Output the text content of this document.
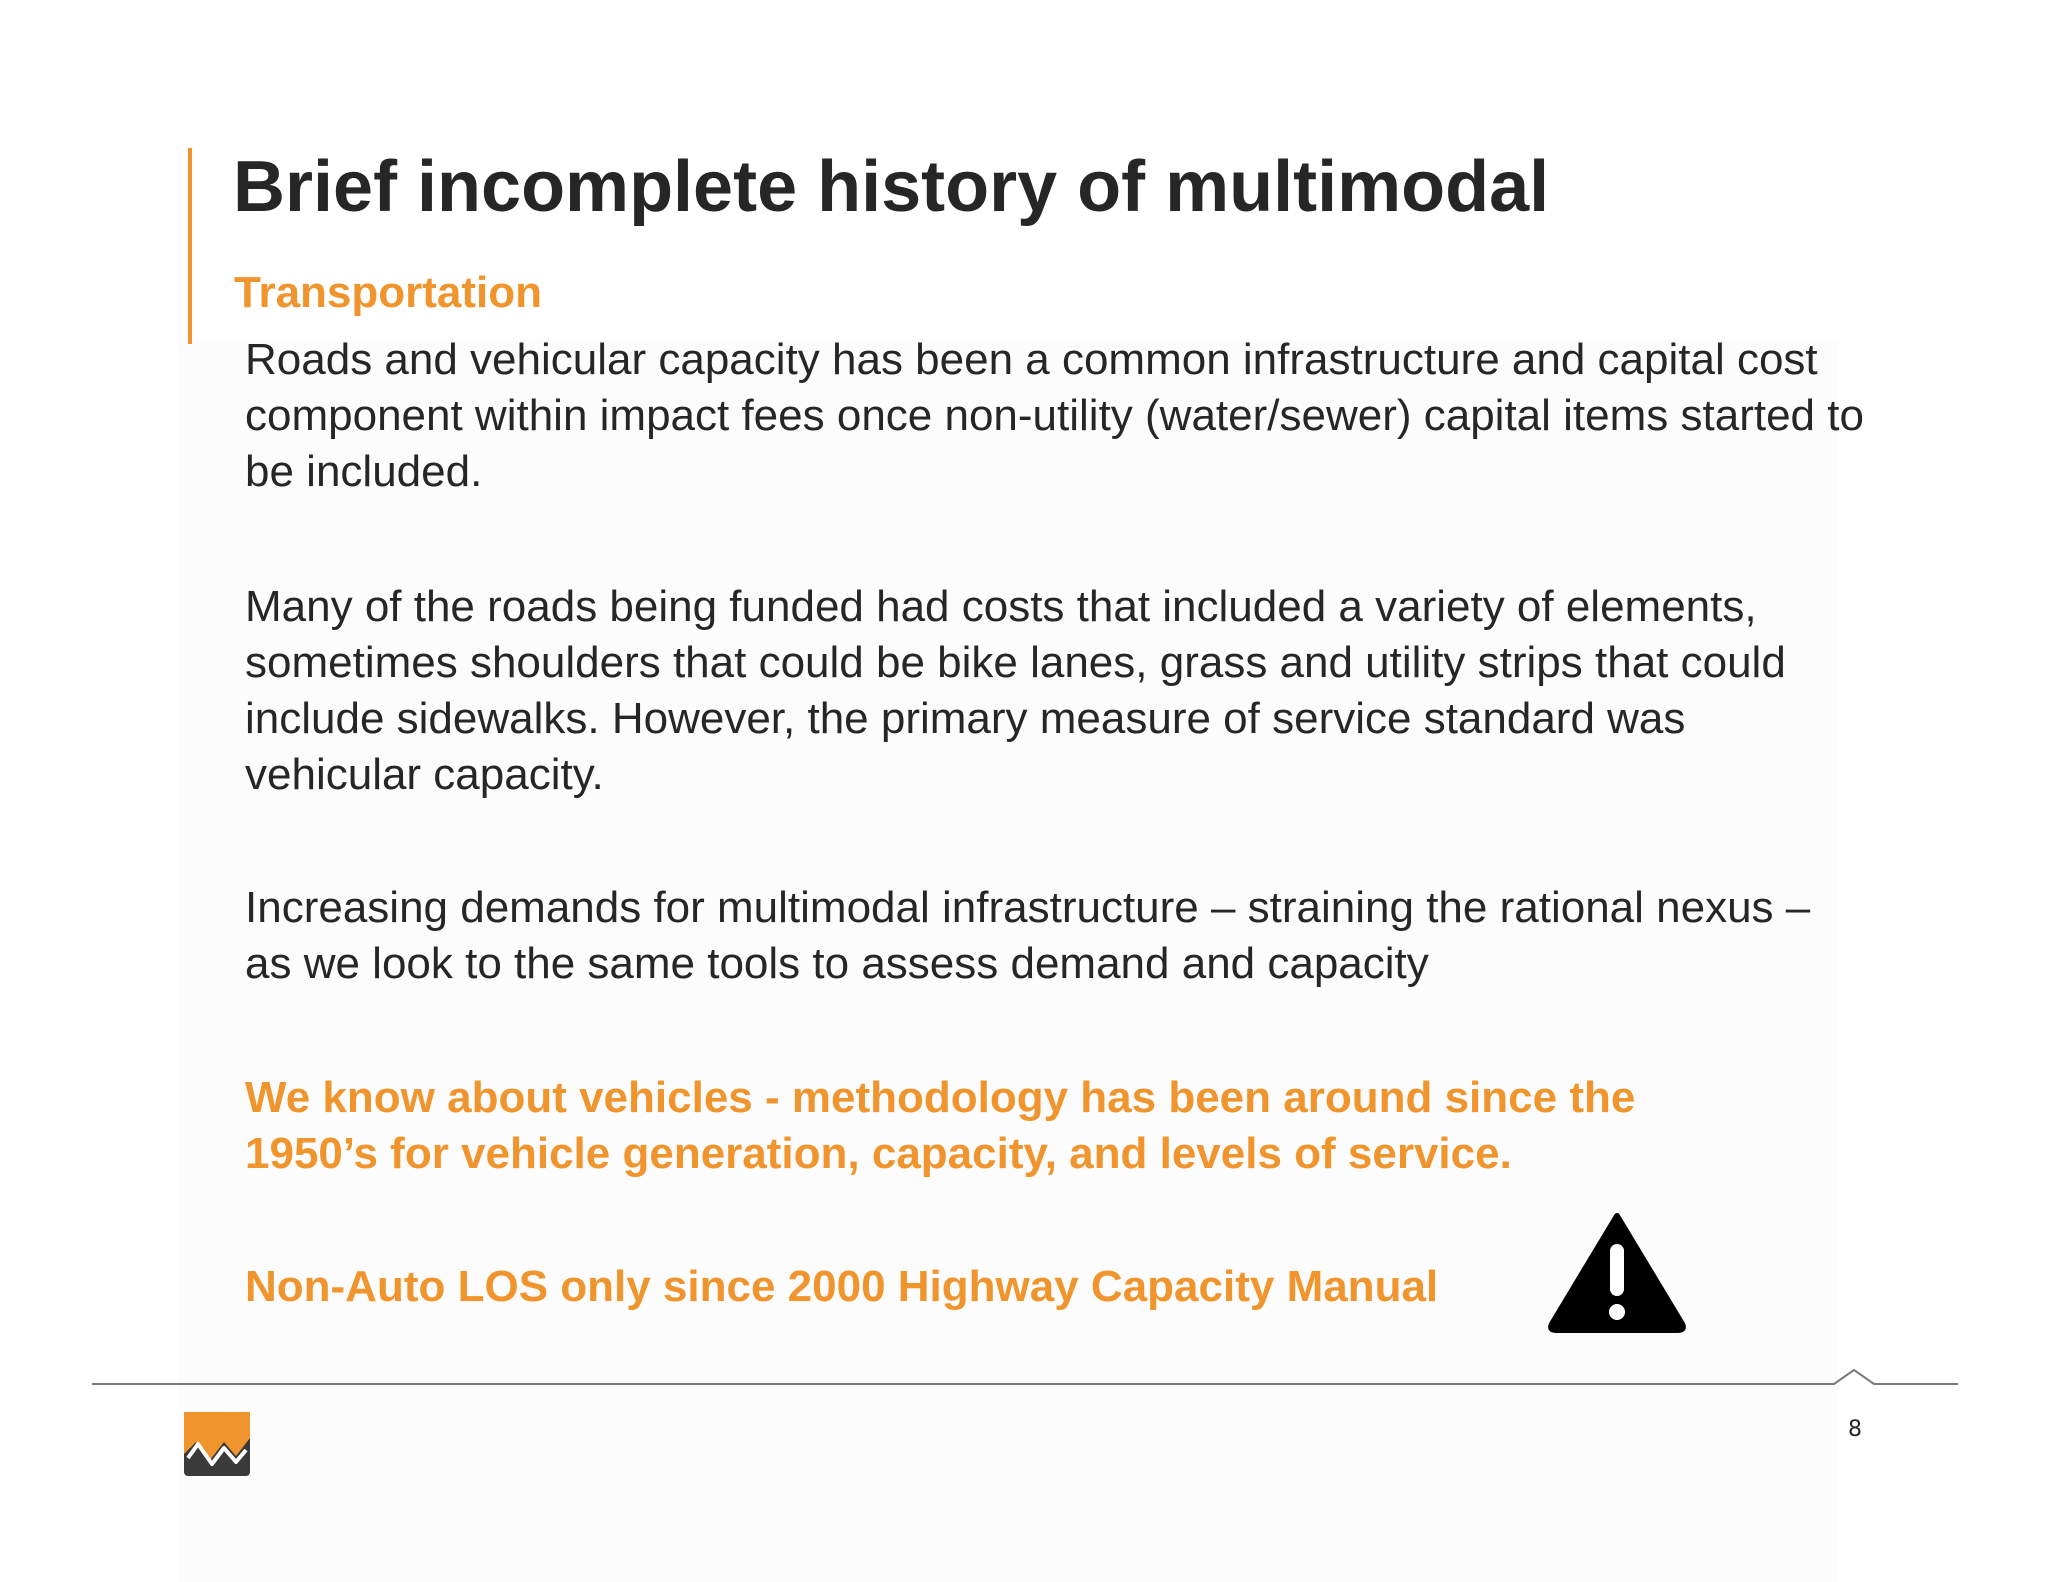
Brief incomplete history of multimodal
Transportation

Roads and vehicular capacity has been a common infrastructure and capital cost component within impact fees once non-utility (water/sewer) capital items started to be included.

Many of the roads being funded had costs that included a variety of elements, sometimes shoulders that could be bike lanes, grass and utility strips that could include sidewalks. However, the primary measure of service standard was vehicular capacity.

Increasing demands for multimodal infrastructure – straining the rational nexus – as we look to the same tools to assess demand and capacity

We know about vehicles - methodology has been around since the 1950’s for vehicle generation, capacity, and levels of service.

Non-Auto LOS only since 2000 Highway Capacity Manual

8
